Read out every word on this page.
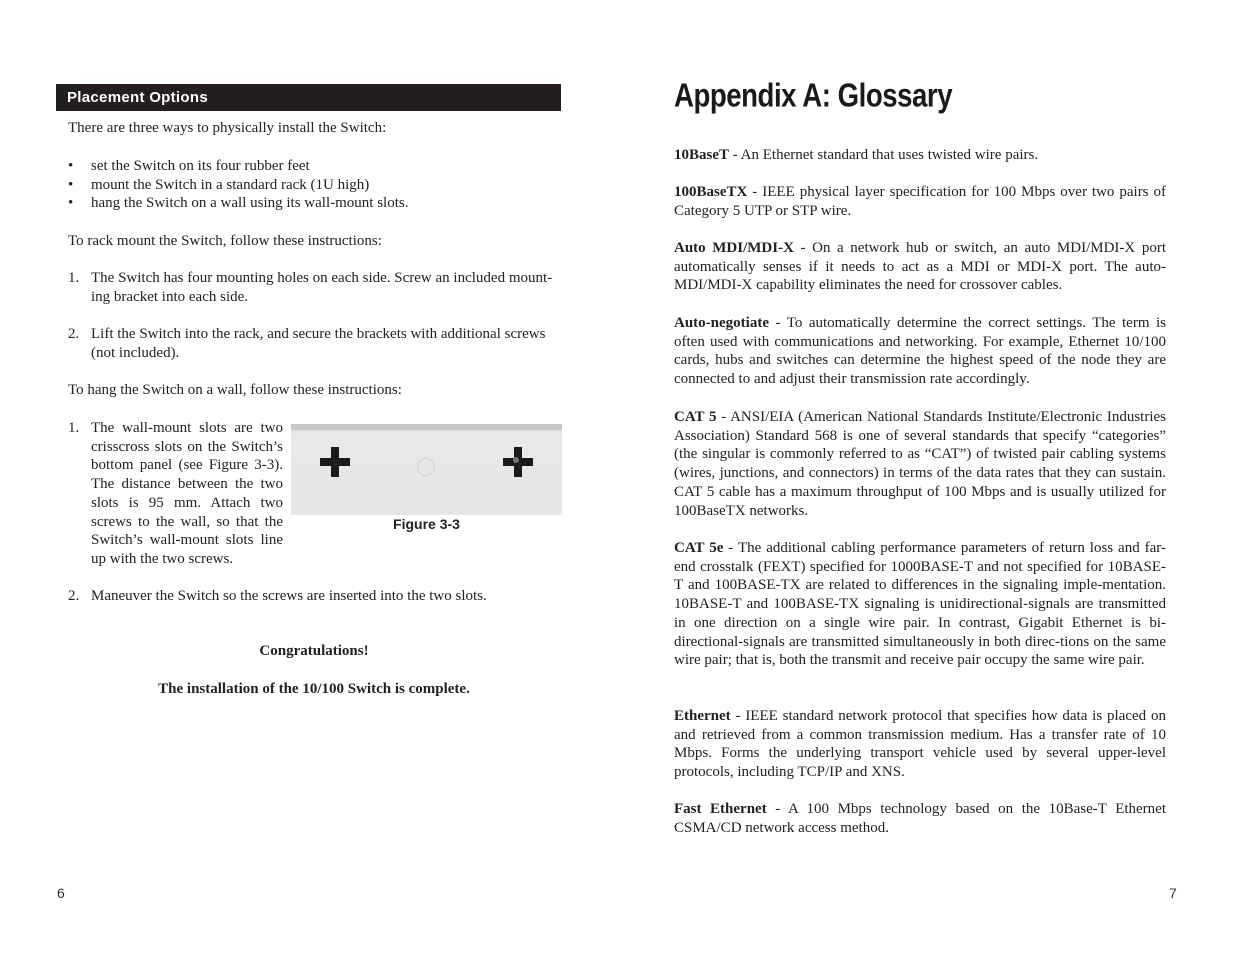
Placement Options

There are three ways to physically install the Switch:

• set the Switch on its four rubber feet
• mount the Switch in a standard rack (1U high)
• hang the Switch on a wall using its wall-mount slots.

To rack mount the Switch, follow these instructions:

1. The Switch has four mounting holes on each side. Screw an included mount-ing bracket into each side.
2. Lift the Switch into the rack, and secure the brackets with additional screws (not included).

To hang the Switch on a wall, follow these instructions:

1. The wall-mount slots are two crisscross slots on the Switch’s bottom panel (see Figure 3-3). The distance between the two slots is 95 mm. Attach two screws to the wall, so that the Switch’s wall-mount slots line up with the two screws.
Figure 3-3
2. Maneuver the Switch so the screws are inserted into the two slots.
Congratulations!
The installation of the 10/100 Switch is complete.
6
Appendix A: Glossary

10BaseT - An Ethernet standard that uses twisted wire pairs.

100BaseTX - IEEE physical layer specification for 100 Mbps over two pairs of Category 5 UTP or STP wire.

Auto MDI/MDI-X - On a network hub or switch, an auto MDI/MDI-X port automatically senses if it needs to act as a MDI or MDI-X port. The auto-MDI/MDI-X capability eliminates the need for crossover cables.

Auto-negotiate - To automatically determine the correct settings. The term is often used with communications and networking. For example, Ethernet 10/100 cards, hubs and switches can determine the highest speed of the node they are connected to and adjust their transmission rate accordingly.

CAT 5 - ANSI/EIA (American National Standards Institute/Electronic Industries Association) Standard 568 is one of several standards that specify “categories” (the singular is commonly referred to as “CAT”) of twisted pair cabling systems (wires, junctions, and connectors) in terms of the data rates that they can sustain. CAT 5 cable has a maximum throughput of 100 Mbps and is usually utilized for 100BaseTX networks.

CAT 5e - The additional cabling performance parameters of return loss and far-end crosstalk (FEXT) specified for 1000BASE-T and not specified for 10BASE-T and 100BASE-TX are related to differences in the signaling imple-mentation. 10BASE-T and 100BASE-TX signaling is unidirectional-signals are transmitted in one direction on a single wire pair. In contrast, Gigabit Ethernet is bi-directional-signals are transmitted simultaneously in both direc-tions on the same wire pair; that is, both the transmit and receive pair occupy the same wire pair.

Ethernet - IEEE standard network protocol that specifies how data is placed on and retrieved from a common transmission medium. Has a transfer rate of 10 Mbps. Forms the underlying transport vehicle used by several upper-level protocols, including TCP/IP and XNS.

Fast Ethernet - A 100 Mbps technology based on the 10Base-T Ethernet CSMA/CD network access method.

7
